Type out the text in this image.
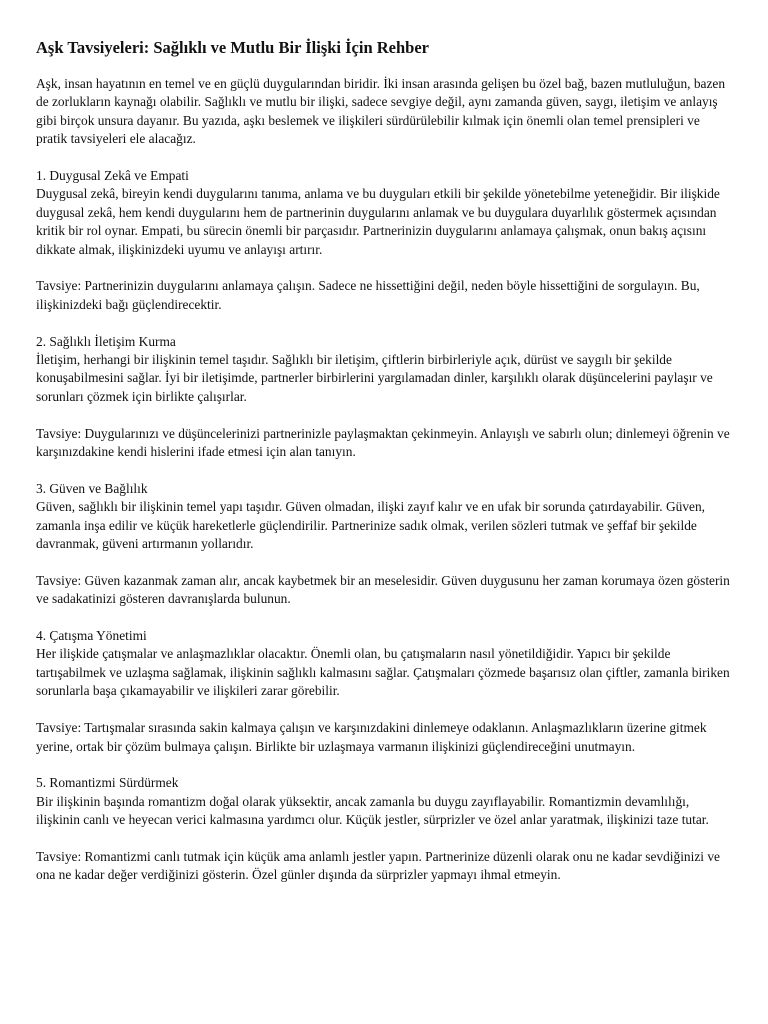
Aşk Tavsiyeleri: Sağlıklı ve Mutlu Bir İlişki İçin Rehber

Aşk, insan hayatının en temel ve en güçlü duygularından biridir. İki insan arasında gelişen bu özel bağ, bazen mutluluğun, bazen de zorlukların kaynağı olabilir. Sağlıklı ve mutlu bir ilişki, sadece sevgiye değil, aynı zamanda güven, saygı, iletişim ve anlayış gibi birçok unsura dayanır. Bu yazıda, aşkı beslemek ve ilişkileri sürdürülebilir kılmak için önemli olan temel prensipleri ve pratik tavsiyeleri ele alacağız.

1. Duygusal Zekâ ve Empati

Duygusal zekâ, bireyin kendi duygularını tanıma, anlama ve bu duyguları etkili bir şekilde yönetebilme yeteneğidir. Bir ilişkide duygusal zekâ, hem kendi duygularını hem de partnerinin duygularını anlamak ve bu duygulara duyarlılık göstermek açısından kritik bir rol oynar. Empati, bu sürecin önemli bir parçasıdır. Partnerinizin duygularını anlamaya çalışmak, onun bakış açısını dikkate almak, ilişkinizdeki uyumu ve anlayışı artırır.

Tavsiye: Partnerinizin duygularını anlamaya çalışın. Sadece ne hissettiğini değil, neden böyle hissettiğini de sorgulayın. Bu, ilişkinizdeki bağı güçlendirecektir.

2. Sağlıklı İletişim Kurma

İletişim, herhangi bir ilişkinin temel taşıdır. Sağlıklı bir iletişim, çiftlerin birbirleriyle açık, dürüst ve saygılı bir şekilde konuşabilmesini sağlar. İyi bir iletişimde, partnerler birbirlerini yargılamadan dinler, karşılıklı olarak düşüncelerini paylaşır ve sorunları çözmek için birlikte çalışırlar.

Tavsiye: Duygularınızı ve düşüncelerinizi partnerinizle paylaşmaktan çekinmeyin. Anlayışlı ve sabırlı olun; dinlemeyi öğrenin ve karşınızdakine kendi hislerini ifade etmesi için alan tanıyın.

3. Güven ve Bağlılık

Güven, sağlıklı bir ilişkinin temel yapı taşıdır. Güven olmadan, ilişki zayıf kalır ve en ufak bir sorunda çatırdayabilir. Güven, zamanla inşa edilir ve küçük hareketlerle güçlendirilir. Partnerinize sadık olmak, verilen sözleri tutmak ve şeffaf bir şekilde davranmak, güveni artırmanın yollarıdır.

Tavsiye: Güven kazanmak zaman alır, ancak kaybetmek bir an meselesidir. Güven duygusunu her zaman korumaya özen gösterin ve sadakatinizi gösteren davranışlarda bulunun.

4. Çatışma Yönetimi

Her ilişkide çatışmalar ve anlaşmazlıklar olacaktır. Önemli olan, bu çatışmaların nasıl yönetildiğidir. Yapıcı bir şekilde tartışabilmek ve uzlaşma sağlamak, ilişkinin sağlıklı kalmasını sağlar. Çatışmaları çözmede başarısız olan çiftler, zamanla biriken sorunlarla başa çıkamayabilir ve ilişkileri zarar görebilir.

Tavsiye: Tartışmalar sırasında sakin kalmaya çalışın ve karşınızdakini dinlemeye odaklanın. Anlaşmazlıkların üzerine gitmek yerine, ortak bir çözüm bulmaya çalışın. Birlikte bir uzlaşmaya varmanın ilişkinizi güçlendireceğini unutmayın.

5. Romantizmi Sürdürmek

Bir ilişkinin başında romantizm doğal olarak yüksektir, ancak zamanla bu duygu zayıflayabilir. Romantizmin devamlılığı, ilişkinin canlı ve heyecan verici kalmasına yardımcı olur. Küçük jestler, sürprizler ve özel anlar yaratmak, ilişkinizi taze tutar.

Tavsiye: Romantizmi canlı tutmak için küçük ama anlamlı jestler yapın. Partnerinize düzenli olarak onu ne kadar sevdiğinizi ve ona ne kadar değer verdiğinizi gösterin. Özel günler dışında da sürprizler yapmayı ihmal etmeyin.
